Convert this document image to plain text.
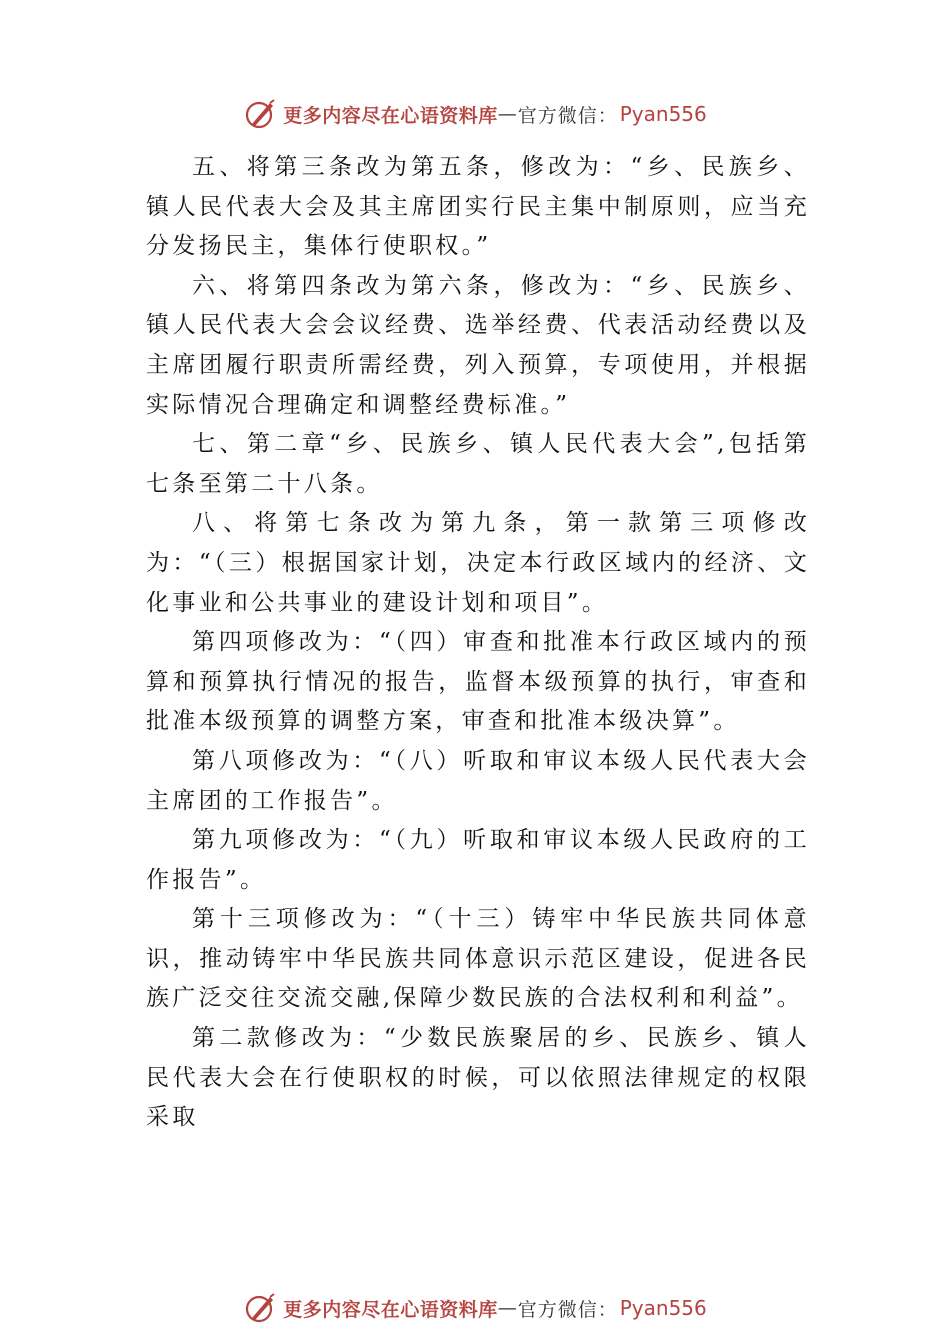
更多内容尽在心语资料库 — 官方微信： Pyan556

五、将第三条改为第五条，修改为：“乡、民族乡、镇人民代表大会及其主席团实行民主集中制原则，应当充分发扬民主，集体行使职权。”

六、将第四条改为第六条，修改为：“乡、民族乡、镇人民代表大会会议经费、选举经费、代表活动经费以及主席团履行职责所需经费，列入预算，专项使用，并根据实际情况合理确定和调整经费标准。”

七、第二章“乡、民族乡、镇人民代表大会”,包括第七条至第二十八条。

八、将第七条改为第九条，第一款第三项修改为：“（三）根据国家计划，决定本行政区域内的经济、文化事业和公共事业的建设计划和项目”。

第四项修改为：“（四）审查和批准本行政区域内的预算和预算执行情况的报告，监督本级预算的执行，审查和批准本级预算的调整方案，审查和批准本级决算”。

第八项修改为：“（八）听取和审议本级人民代表大会主席团的工作报告”。

第九项修改为：“（九）听取和审议本级人民政府的工作报告”。

第十三项修改为：“（十三）铸牢中华民族共同体意识，推动铸牢中华民族共同体意识示范区建设，促进各民族广泛交往交流交融,保障少数民族的合法权利和利益”。

第二款修改为：“少数民族聚居的乡、民族乡、镇人民代表大会在行使职权的时候，可以依照法律规定的权限采取

更多内容尽在心语资料库 — 官方微信： Pyan556
